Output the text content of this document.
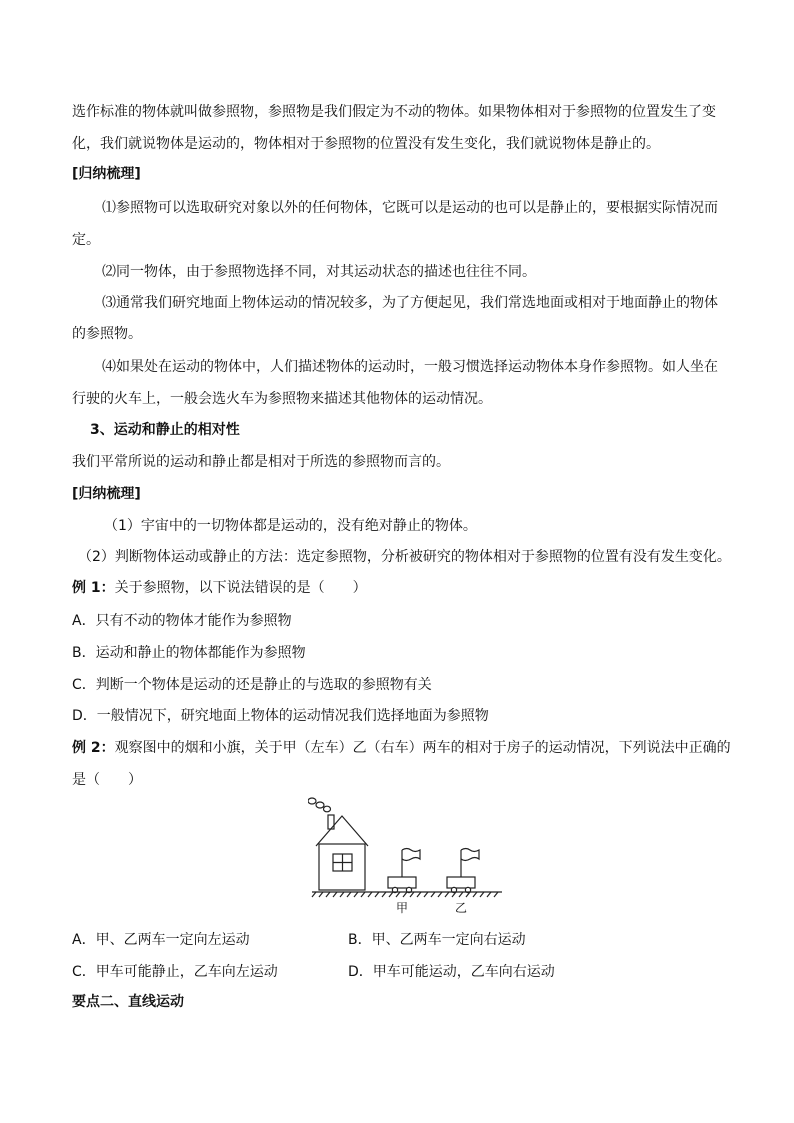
选作标准的物体就叫做参照物，参照物是我们假定为不动的物体。如果物体相对于参照物的位置发生了变
化，我们就说物体是运动的，物体相对于参照物的位置没有发生变化，我们就说物体是静止的。
[归纳梳理]
⑴参照物可以选取研究对象以外的任何物体，它既可以是运动的也可以是静止的，要根据实际情况而
定。
⑵同一物体，由于参照物选择不同，对其运动状态的描述也往往不同。
⑶通常我们研究地面上物体运动的情况较多，为了方便起见，我们常选地面或相对于地面静止的物体
的参照物。
⑷如果处在运动的物体中，人们描述物体的运动时，一般习惯选择运动物体本身作参照物。如人坐在
行驶的火车上，一般会选火车为参照物来描述其他物体的运动情况。
3、运动和静止的相对性
我们平常所说的运动和静止都是相对于所选的参照物而言的。
[归纳梳理]
（1）宇宙中的一切物体都是运动的，没有绝对静止的物体。
（2）判断物体运动或静止的方法：选定参照物，分析被研究的物体相对于参照物的位置有没有发生变化。
例 1：关于参照物，以下说法错误的是（　　）
A．只有不动的物体才能作为参照物
B．运动和静止的物体都能作为参照物
C．判断一个物体是运动的还是静止的与选取的参照物有关
D．一般情况下，研究地面上物体的运动情况我们选择地面为参照物
例 2：观察图中的烟和小旗，关于甲（左车）乙（右车）两车的相对于房子的运动情况，下列说法中正确的
是（　　）
甲	乙
A．甲、乙两车一定向左运动	B．甲、乙两车一定向右运动
C．甲车可能静止，乙车向左运动	D．甲车可能运动，乙车向右运动
要点二、直线运动
